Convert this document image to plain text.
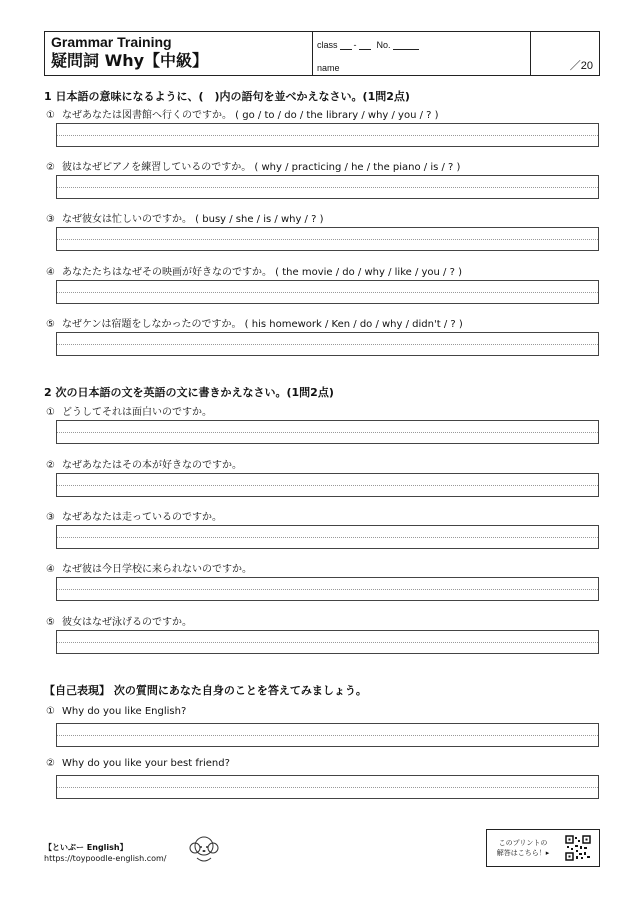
Grammar Training
疑問詞 Why【中級】
class - No.
name	／20
1 日本語の意味になるように、(　)内の語句を並べかえなさい。(1問2点)
① なぜあなたは図書館へ行くのですか。 ( go / to / do / the library / why / you / ? )
② 彼はなぜピアノを練習しているのですか。 ( why / practicing / he / the piano / is / ? )
③ なぜ彼女は忙しいのですか。 ( busy / she / is / why / ? )
④ あなたたちはなぜその映画が好きなのですか。 ( the movie / do / why / like / you / ? )
⑤ なぜケンは宿題をしなかったのですか。 ( his homework / Ken / do / why / didn't / ? )
2 次の日本語の文を英語の文に書きかえなさい。(1問2点)
① どうしてそれは面白いのですか。
② なぜあなたはその本が好きなのですか。
③ なぜあなたは走っているのですか。
④ なぜ彼は今日学校に来られないのですか。
⑤ 彼女はなぜ泳げるのですか。
【自己表現】 次の質問にあなた自身のことを答えてみましょう。
① Why do you like English?
② Why do you like your best friend?
【といぷー English】
https://toypoodle-english.com/
このプリントの
解答はこちら！▸
